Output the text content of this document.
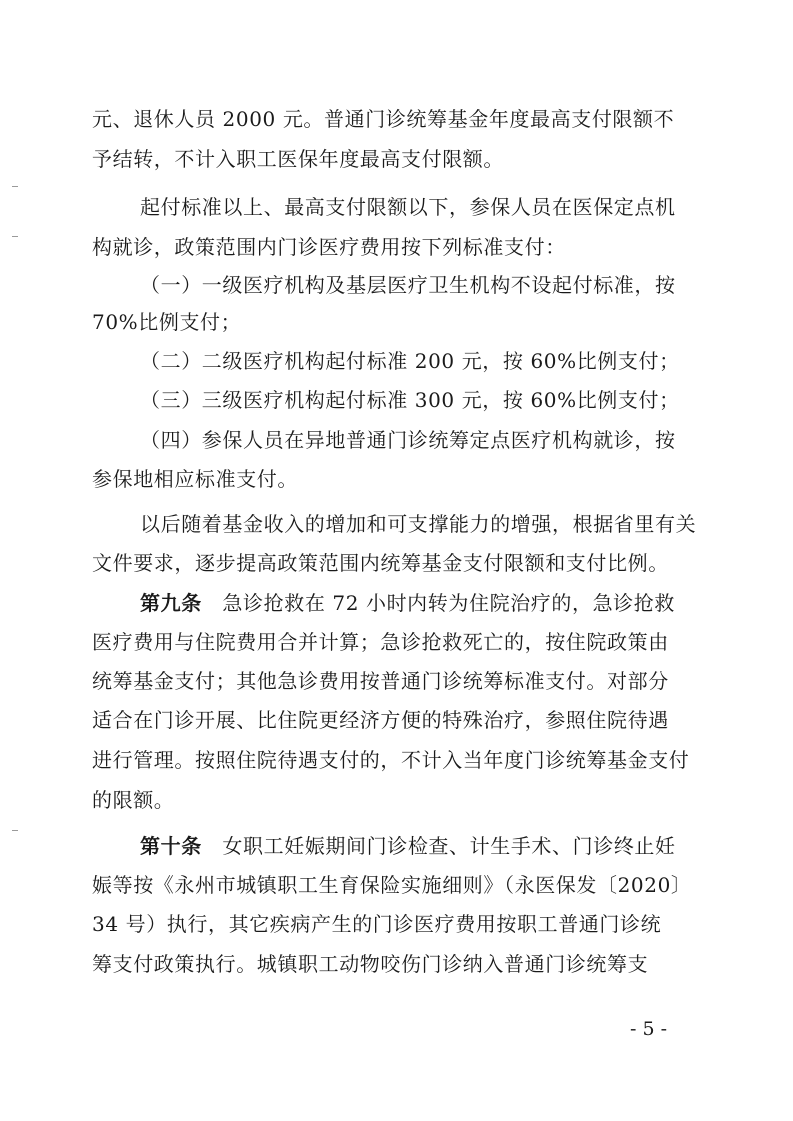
元、退休人员 2000 元。普通门诊统筹基金年度最高支付限额不
予结转，不计入职工医保年度最高支付限额。
起付标准以上、最高支付限额以下，参保人员在医保定点机
构就诊，政策范围内门诊医疗费用按下列标准支付：
（一）一级医疗机构及基层医疗卫生机构不设起付标准，按
70%比例支付；
（二）二级医疗机构起付标准 200 元，按 60%比例支付；
（三）三级医疗机构起付标准 300 元，按 60%比例支付；
（四）参保人员在异地普通门诊统筹定点医疗机构就诊，按
参保地相应标准支付。
以后随着基金收入的增加和可支撑能力的增强，根据省里有关
文件要求，逐步提高政策范围内统筹基金支付限额和支付比例。
第九条　 急诊抢救在 72 小时内转为住院治疗的，急诊抢救
医疗费用与住院费用合并计算；急诊抢救死亡的，按住院政策由
统筹基金支付；其他急诊费用按普通门诊统筹标准支付。对部分
适合在门诊开展、比住院更经济方便的特殊治疗，参照住院待遇
进行管理。按照住院待遇支付的，不计入当年度门诊统筹基金支付
的限额。
第十条　 女职工妊娠期间门诊检查、计生手术、门诊终止妊
娠等按《永州市城镇职工生育保险实施细则》（永医保发〔2020〕
34 号）执行，其它疾病产生的门诊医疗费用按职工普通门诊统
筹支付政策执行。城镇职工动物咬伤门诊纳入普通门诊统筹支
- 5 -
